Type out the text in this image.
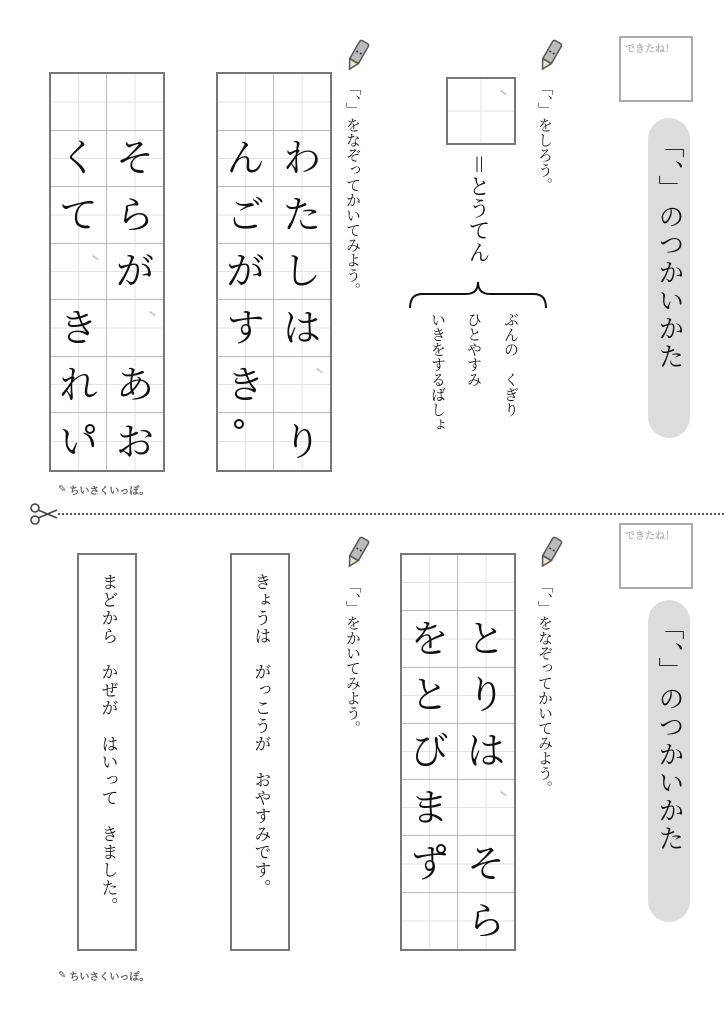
できたね！
「、」のつかいかた
「、」をしろう。
＝とうてん
ぶんの　くぎり
ひとやすみ
いきをするばしょ
「、」をなぞってかいてみよう。
ん わ
ご た
が し
す は
き
り
く そ
て ら
が
き
れ あ
い お
✎ ちいさくいっぽ。
できたね！
「、」のつかいかた
「、」をなぞってかいてみよう。
を と
と り
び は
ま
す そ
ら
「、」をかいてみよう。
きょうは　がっこうが　おやすみです。
まどから　かぜが　はいって　きました。
✎ ちいさくいっぽ。
